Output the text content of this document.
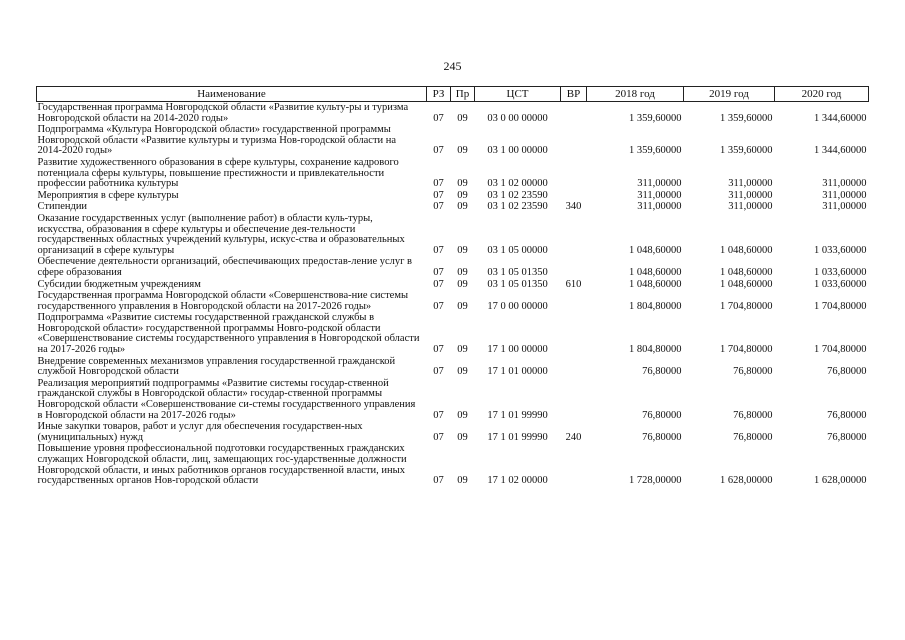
245
Наименование	РЗ	Пр	ЦСТ	ВР	2018 год	2019 год	2020 год
Государственная программа Новгородской области «Развитие культу-ры и туризма Новгородской области на 2014-2020 годы»	07	09	03 0 00 00000		1 359,60000	1 359,60000	1 344,60000
Подпрограмма «Культура Новгородской области» государственной программы Новгородской области «Развитие культуры и туризма Нов-городской области на 2014-2020 годы»	07	09	03 1 00 00000		1 359,60000	1 359,60000	1 344,60000
Развитие художественного образования в сфере культуры, сохранение кадрового потенциала сферы культуры, повышение престижности и привлекательности профессии работника культуры	07	09	03 1 02 00000		311,00000	311,00000	311,00000
Мероприятия в сфере культуры	07	09	03 1 02 23590		311,00000	311,00000	311,00000
Стипендии	07	09	03 1 02 23590	340	311,00000	311,00000	311,00000
Оказание государственных услуг (выполнение работ) в области куль-туры, искусства, образования в сфере культуры и обеспечение дея-тельности государственных областных учреждений культуры, искус-ства и образовательных организаций в сфере культуры	07	09	03 1 05 00000		1 048,60000	1 048,60000	1 033,60000
Обеспечение деятельности организаций, обеспечивающих предостав-ление услуг в сфере образования	07	09	03 1 05 01350		1 048,60000	1 048,60000	1 033,60000
Субсидии бюджетным учреждениям	07	09	03 1 05 01350	610	1 048,60000	1 048,60000	1 033,60000
Государственная программа Новгородской области «Совершенствова-ние системы государственного управления в Новгородской области на 2017-2026 годы»	07	09	17 0 00 00000		1 804,80000	1 704,80000	1 704,80000
Подпрограмма «Развитие системы государственной гражданской службы в Новгородской области» государственной программы Новго-родской области «Совершенствование системы государственного управления в Новгородской области на 2017-2026 годы»	07	09	17 1 00 00000		1 804,80000	1 704,80000	1 704,80000
Внедрение современных механизмов управления государственной гражданской службой Новгородской области	07	09	17 1 01 00000		76,80000	76,80000	76,80000
Реализация мероприятий подпрограммы «Развитие системы государ-ственной гражданской службы в Новгородской области» государ-ственной программы Новгородской области «Совершенствование си-стемы государственного управления в Новгородской области на 2017-2026 годы»	07	09	17 1 01 99990		76,80000	76,80000	76,80000
Иные закупки товаров, работ и услуг для обеспечения государствен-ных (муниципальных) нужд	07	09	17 1 01 99990	240	76,80000	76,80000	76,80000
Повышение уровня профессиональной подготовки государственных гражданских служащих Новгородской области, лиц, замещающих гос-ударственные должности Новгородской области, и иных работников органов государственной власти, иных государственных органов Нов-городской области	07	09	17 1 02 00000		1 728,00000	1 628,00000	1 628,00000
